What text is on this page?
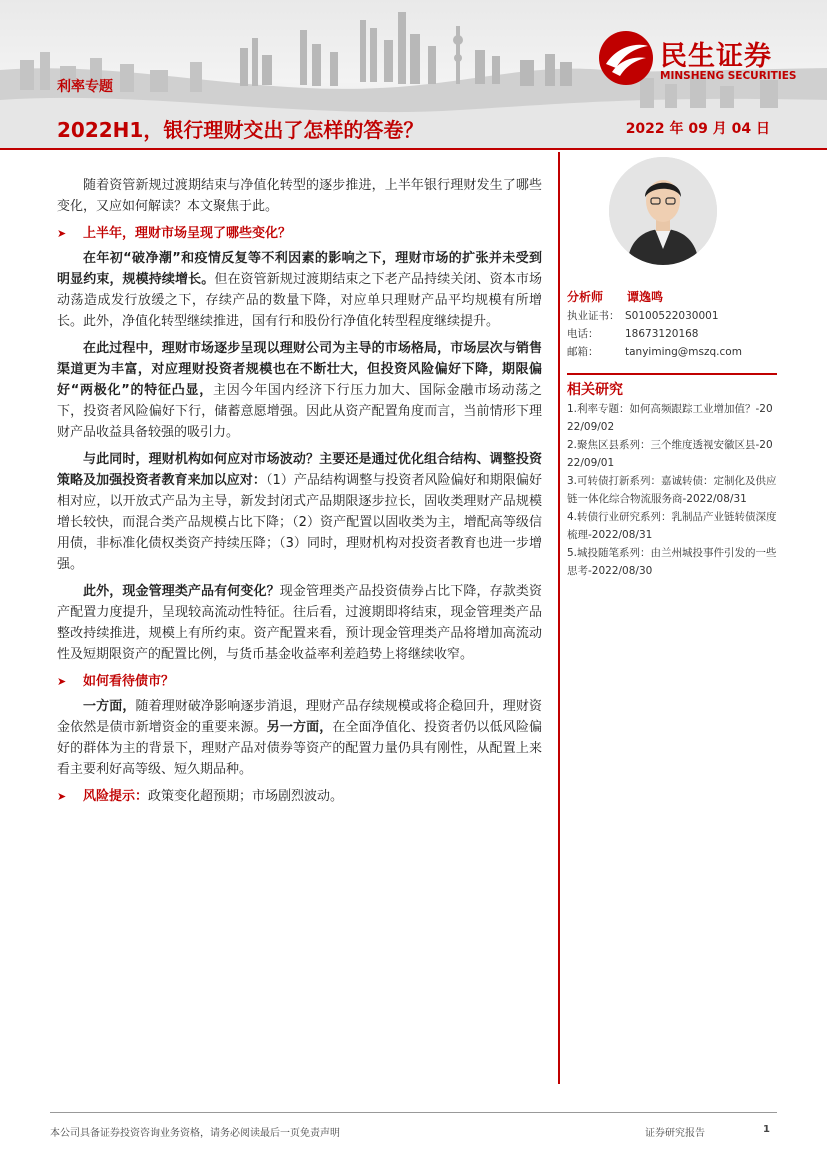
民生证券
MINSHENG SECURITIES
利率专题
2022H1，银行理财交出了怎样的答卷？	2022 年 09 月 04 日

随着资管新规过渡期结束与净值化转型的逐步推进，上半年银行理财发生了哪些变化，又应如何解读？本文聚焦于此。

➤ 上半年，理财市场呈现了哪些变化？

在年初“破净潮”和疫情反复等不利因素的影响之下，理财市场的扩张并未受到明显约束，规模持续增长。但在资管新规过渡期结束之下老产品持续关闭、资本市场动荡造成发行放缓之下，存续产品的数量下降，对应单只理财产品平均规模有所增长。此外，净值化转型继续推进，国有行和股份行净值化转型程度继续提升。

在此过程中，理财市场逐步呈现以理财公司为主导的市场格局，市场层次与销售渠道更为丰富，对应理财投资者规模也在不断壮大，但投资风险偏好下降，期限偏好“两极化”的特征凸显，主因今年国内经济下行压力加大、国际金融市场动荡之下，投资者风险偏好下行，储蓄意愿增强。因此从资产配置角度而言，当前情形下理财产品收益具备较强的吸引力。

与此同时，理财机构如何应对市场波动？主要还是通过优化组合结构、调整投资策略及加强投资者教育来加以应对：（1）产品结构调整与投资者风险偏好和期限偏好相对应，以开放式产品为主导，新发封闭式产品期限逐步拉长，固收类理财产品规模增长较快，而混合类产品规模占比下降；（2）资产配置以固收类为主，增配高等级信用债，非标准化债权类资产持续压降；（3）同时，理财机构对投资者教育也进一步增强。

此外，现金管理类产品有何变化？现金管理类产品投资债券占比下降，存款类资产配置力度提升，呈现较高流动性特征。往后看，过渡期即将结束，现金管理类产品整改持续推进，规模上有所约束。资产配置来看，预计现金管理类产品将增加高流动性及短期限资产的配置比例，与货币基金收益率利差趋势上将继续收窄。

➤ 如何看待债市？

一方面，随着理财破净影响逐步消退，理财产品存续规模或将企稳回升，理财资金依然是债市新增资金的重要来源。另一方面，在全面净值化、投资者仍以低风险偏好的群体为主的背景下，理财产品对债券等资产的配置力量仍具有刚性，从配置上来看主要利好高等级、短久期品种。

➤ 风险提示：政策变化超预期；市场剧烈波动。
分析师 谭逸鸣
执业证书： S0100522030001
电话：	18673120168
邮箱：	tanyiming@mszq.com
相关研究
1.利率专题：如何高频跟踪工业增加值？-20
22/09/02
2.聚焦区县系列：三个维度透视安徽区县-20
22/09/01
3.可转债打新系列：嘉诚转债：定制化及供应
链一体化综合物流服务商-2022/08/31
4.转债行业研究系列：乳制品产业链转债深度
梳理-2022/08/31
5.城投随笔系列：由兰州城投事件引发的一些
思考-2022/08/30
本公司具备证券投资咨询业务资格，请务必阅读最后一页免责声明	证券研究报告	1
